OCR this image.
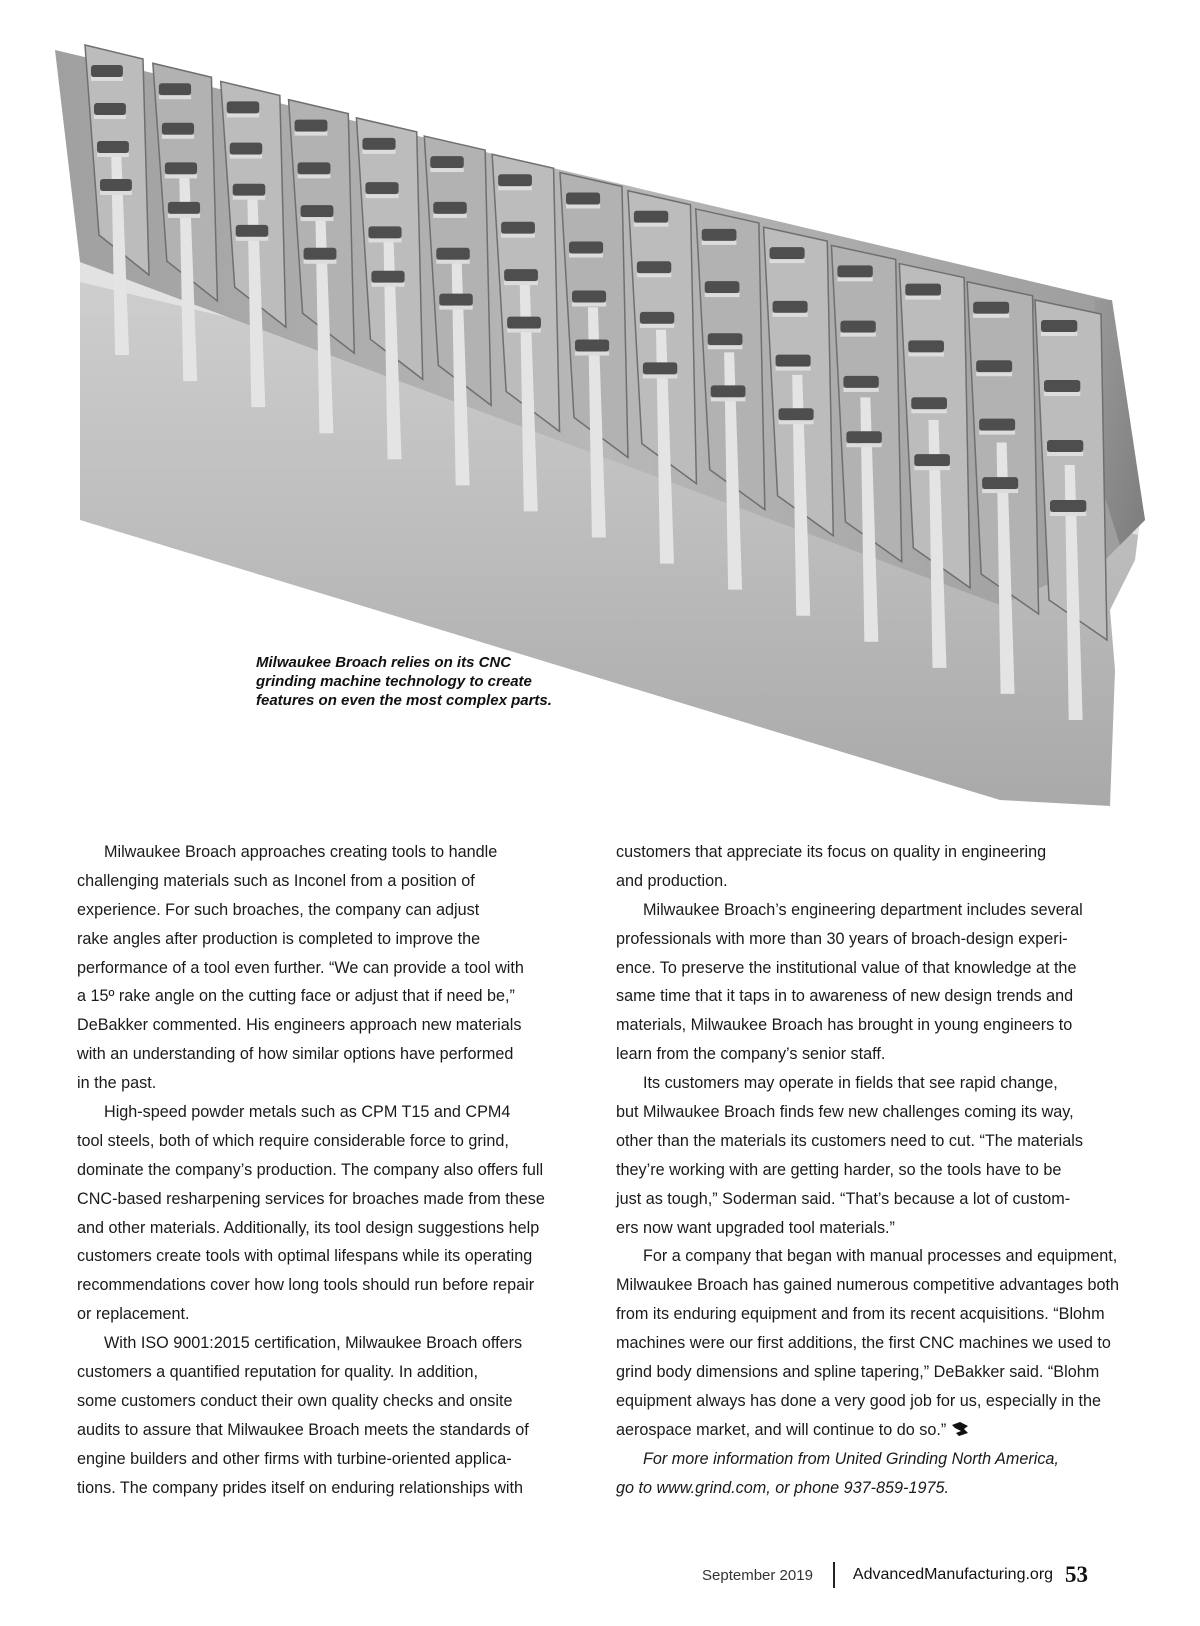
Milwaukee Broach relies on its CNC
grinding machine technology to create
features on even the most complex parts.
Milwaukee Broach approaches creating tools to handle
challenging materials such as Inconel from a position of
experience. For such broaches, the company can adjust
rake angles after production is completed to improve the
performance of a tool even further. “We can provide a tool with
a 15º rake angle on the cutting face or adjust that if need be,”
DeBakker commented. His engineers approach new materials
with an understanding of how similar options have performed
in the past.
High-speed powder metals such as CPM T15 and CPM4
tool steels, both of which require considerable force to grind,
dominate the company’s production. The company also offers full
CNC-based resharpening services for broaches made from these
and other materials. Additionally, its tool design suggestions help
customers create tools with optimal lifespans while its operating
recommendations cover how long tools should run before repair
or replacement.
With ISO 9001:2015 certification, Milwaukee Broach offers
customers a quantified reputation for quality. In addition,
some customers conduct their own quality checks and onsite
audits to assure that Milwaukee Broach meets the standards of
engine builders and other firms with turbine-oriented applica-
tions. The company prides itself on enduring relationships with
customers that appreciate its focus on quality in engineering
and production.
Milwaukee Broach’s engineering department includes several
professionals with more than 30 years of broach-design experi-
ence. To preserve the institutional value of that knowledge at the
same time that it taps in to awareness of new design trends and
materials, Milwaukee Broach has brought in young engineers to
learn from the company’s senior staff.
Its customers may operate in fields that see rapid change,
but Milwaukee Broach finds few new challenges coming its way,
other than the materials its customers need to cut. “The materials
they’re working with are getting harder, so the tools have to be
just as tough,” Soderman said. “That’s because a lot of custom-
ers now want upgraded tool materials.”
For a company that began with manual processes and equipment,
Milwaukee Broach has gained numerous competitive advantages both
from its enduring equipment and from its recent acquisitions. “Blohm
machines were our first additions, the first CNC machines we used to
grind body dimensions and spline tapering,” DeBakker said. “Blohm
equipment always has done a very good job for us, especially in the
aerospace market, and will continue to do so.”
For more information from United Grinding North America,
go to www.grind.com, or phone 937-859-1975.
September 2019	AdvancedManufacturing.org 53
